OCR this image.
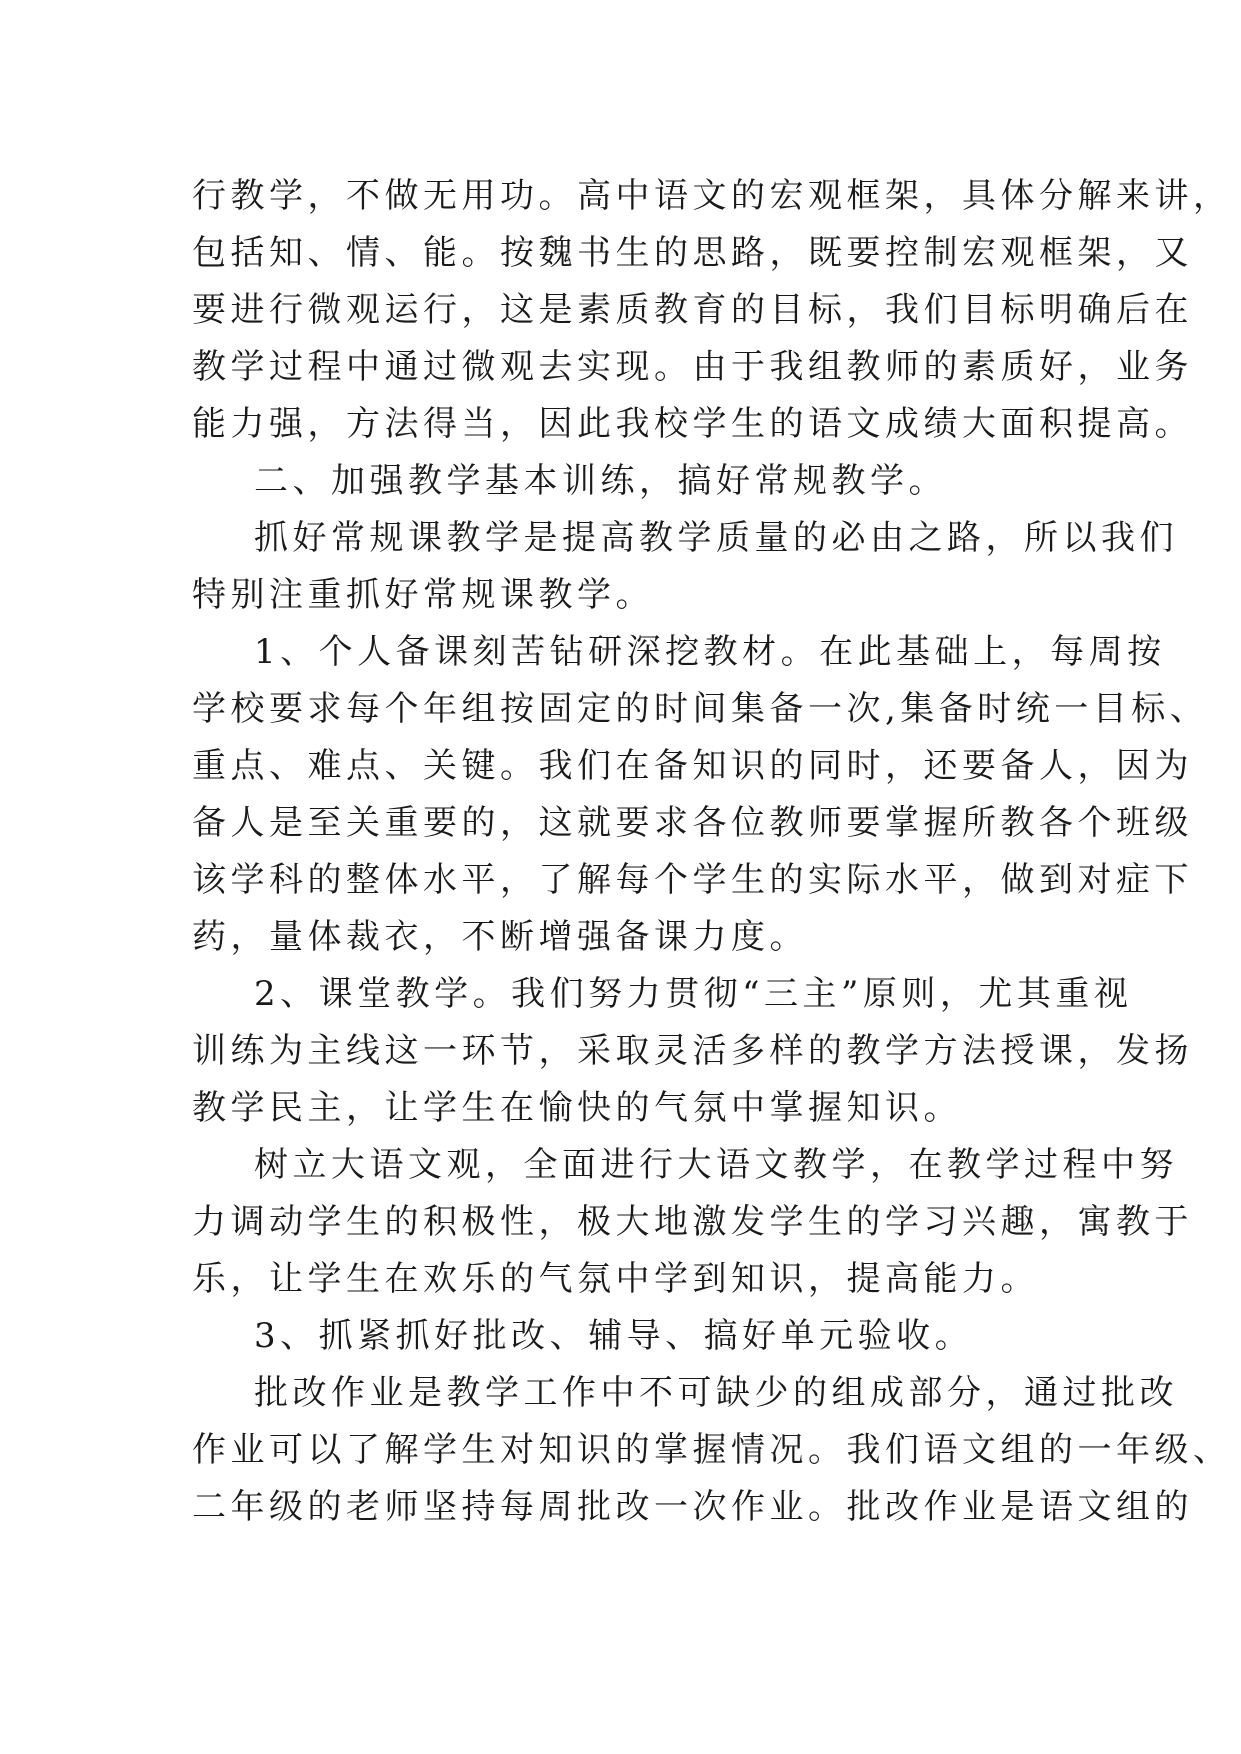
行教学，不做无用功。高中语文的宏观框架，具体分解来讲，
包括知、情、能。按魏书生的思路，既要控制宏观框架，又
要进行微观运行，这是素质教育的目标，我们目标明确后在
教学过程中通过微观去实现。由于我组教师的素质好，业务
能力强，方法得当，因此我校学生的语文成绩大面积提高。
二、加强教学基本训练，搞好常规教学。
抓好常规课教学是提高教学质量的必由之路，所以我们
特别注重抓好常规课教学。
1、个人备课刻苦钻研深挖教材。在此基础上，每周按
学校要求每个年组按固定的时间集备一次,集备时统一目标、
重点、难点、关键。我们在备知识的同时，还要备人，因为
备人是至关重要的，这就要求各位教师要掌握所教各个班级
该学科的整体水平，了解每个学生的实际水平，做到对症下
药，量体裁衣，不断增强备课力度。
2、课堂教学。我们努力贯彻“三主”原则，尤其重视
训练为主线这一环节，采取灵活多样的教学方法授课，发扬
教学民主，让学生在愉快的气氛中掌握知识。
树立大语文观，全面进行大语文教学，在教学过程中努
力调动学生的积极性，极大地激发学生的学习兴趣，寓教于
乐，让学生在欢乐的气氛中学到知识，提高能力。
3、抓紧抓好批改、辅导、搞好单元验收。
批改作业是教学工作中不可缺少的组成部分，通过批改
作业可以了解学生对知识的掌握情况。我们语文组的一年级、
二年级的老师坚持每周批改一次作业。批改作业是语文组的
